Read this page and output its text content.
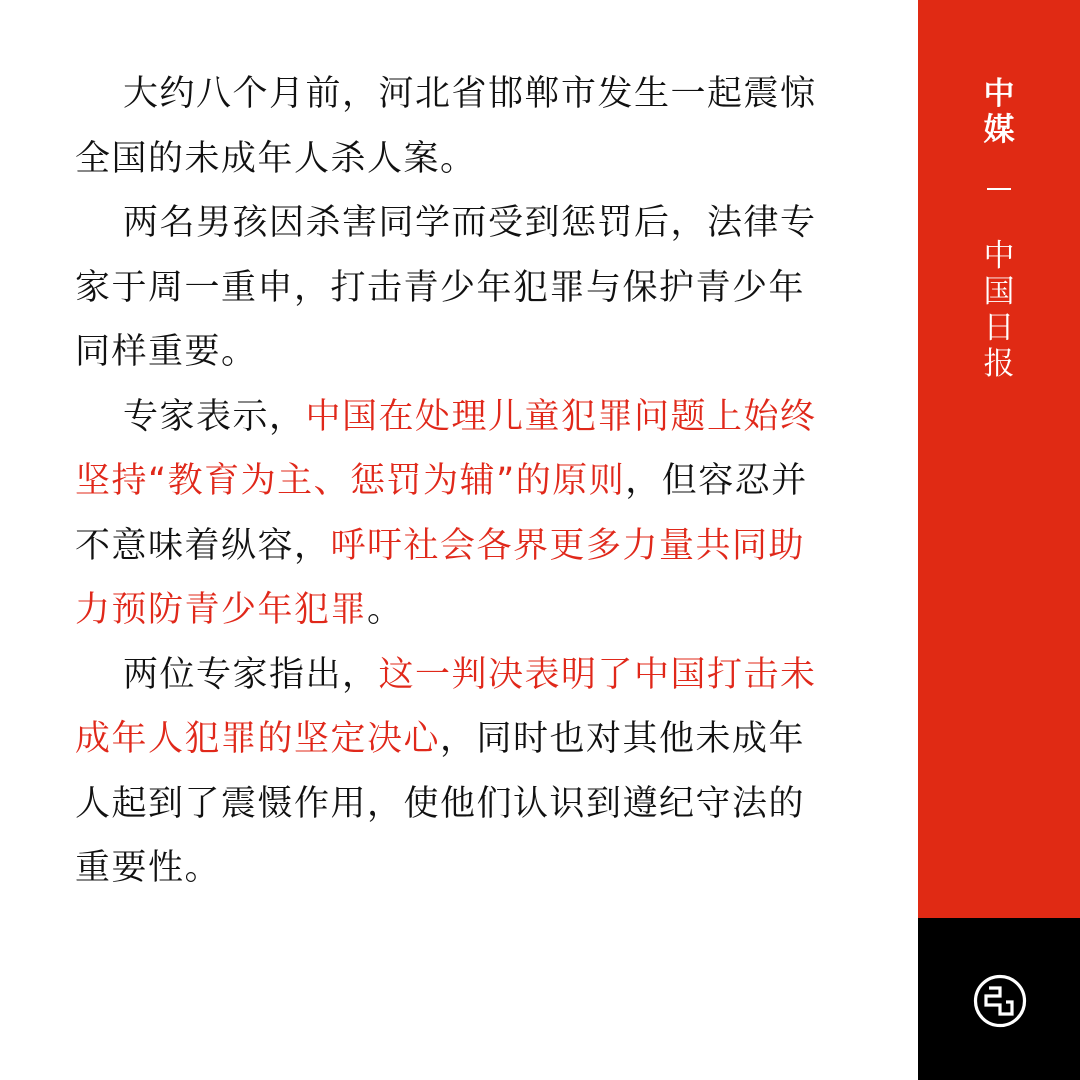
大约八个月前，河北省邯郸市发生一起震惊全国的未成年人杀人案。

两名男孩因杀害同学而受到惩罚后，法律专家于周一重申，打击青少年犯罪与保护青少年同样重要。

专家表示，中国在处理儿童犯罪问题上始终坚持“教育为主、惩罚为辅”的原则，但容忍并不意味着纵容，呼吁社会各界更多力量共同助力预防青少年犯罪。

两位专家指出，这一判决表明了中国打击未成年人犯罪的坚定决心，同时也对其他未成年人起到了震慑作用，使他们认识到遵纪守法的重要性。

中
媒
中
国
日
报
